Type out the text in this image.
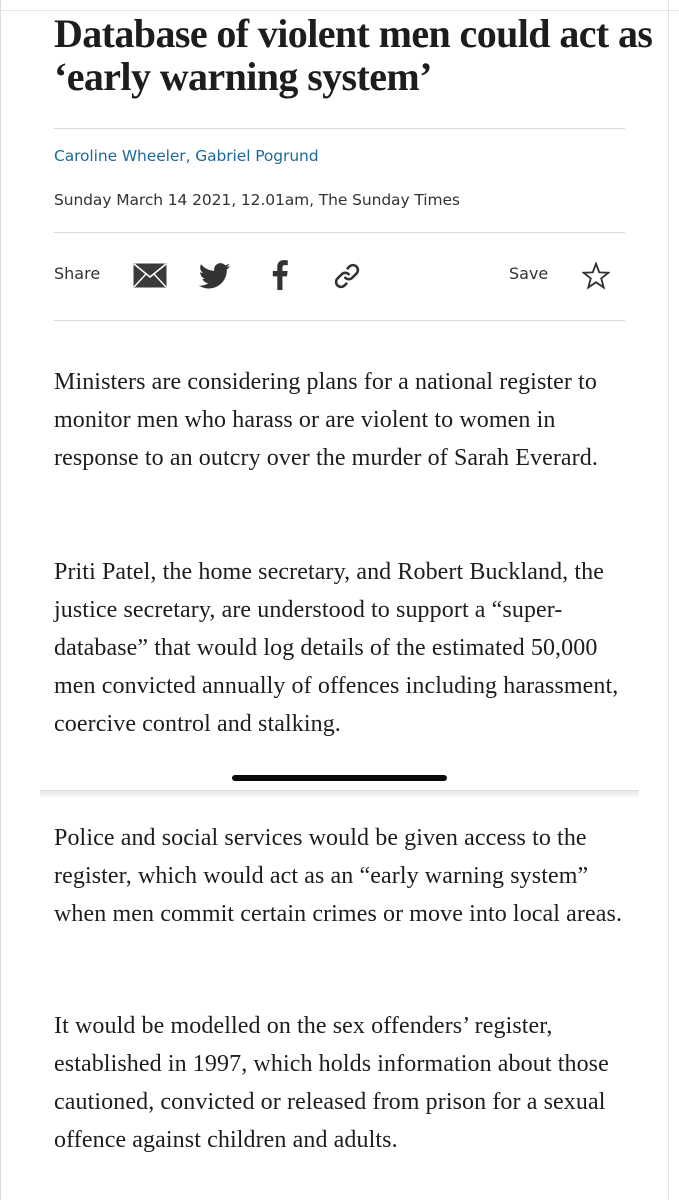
Database of violent men could act as ‘early warning system’
Caroline Wheeler, Gabriel Pogrund
Sunday March 14 2021, 12.01am, The Sunday Times
Share	Save

Ministers are considering plans for a national register to monitor men who harass or are violent to women in response to an outcry over the murder of Sarah Everard.

Priti Patel, the home secretary, and Robert Buckland, the justice secretary, are understood to support a “super-database” that would log details of the estimated 50,000 men convicted annually of offences including harassment, coercive control and stalking.

Police and social services would be given access to the register, which would act as an “early warning system” when men commit certain crimes or move into local areas.

It would be modelled on the sex offenders’ register, established in 1997, which holds information about those cautioned, convicted or released from prison for a sexual offence against children and adults.
